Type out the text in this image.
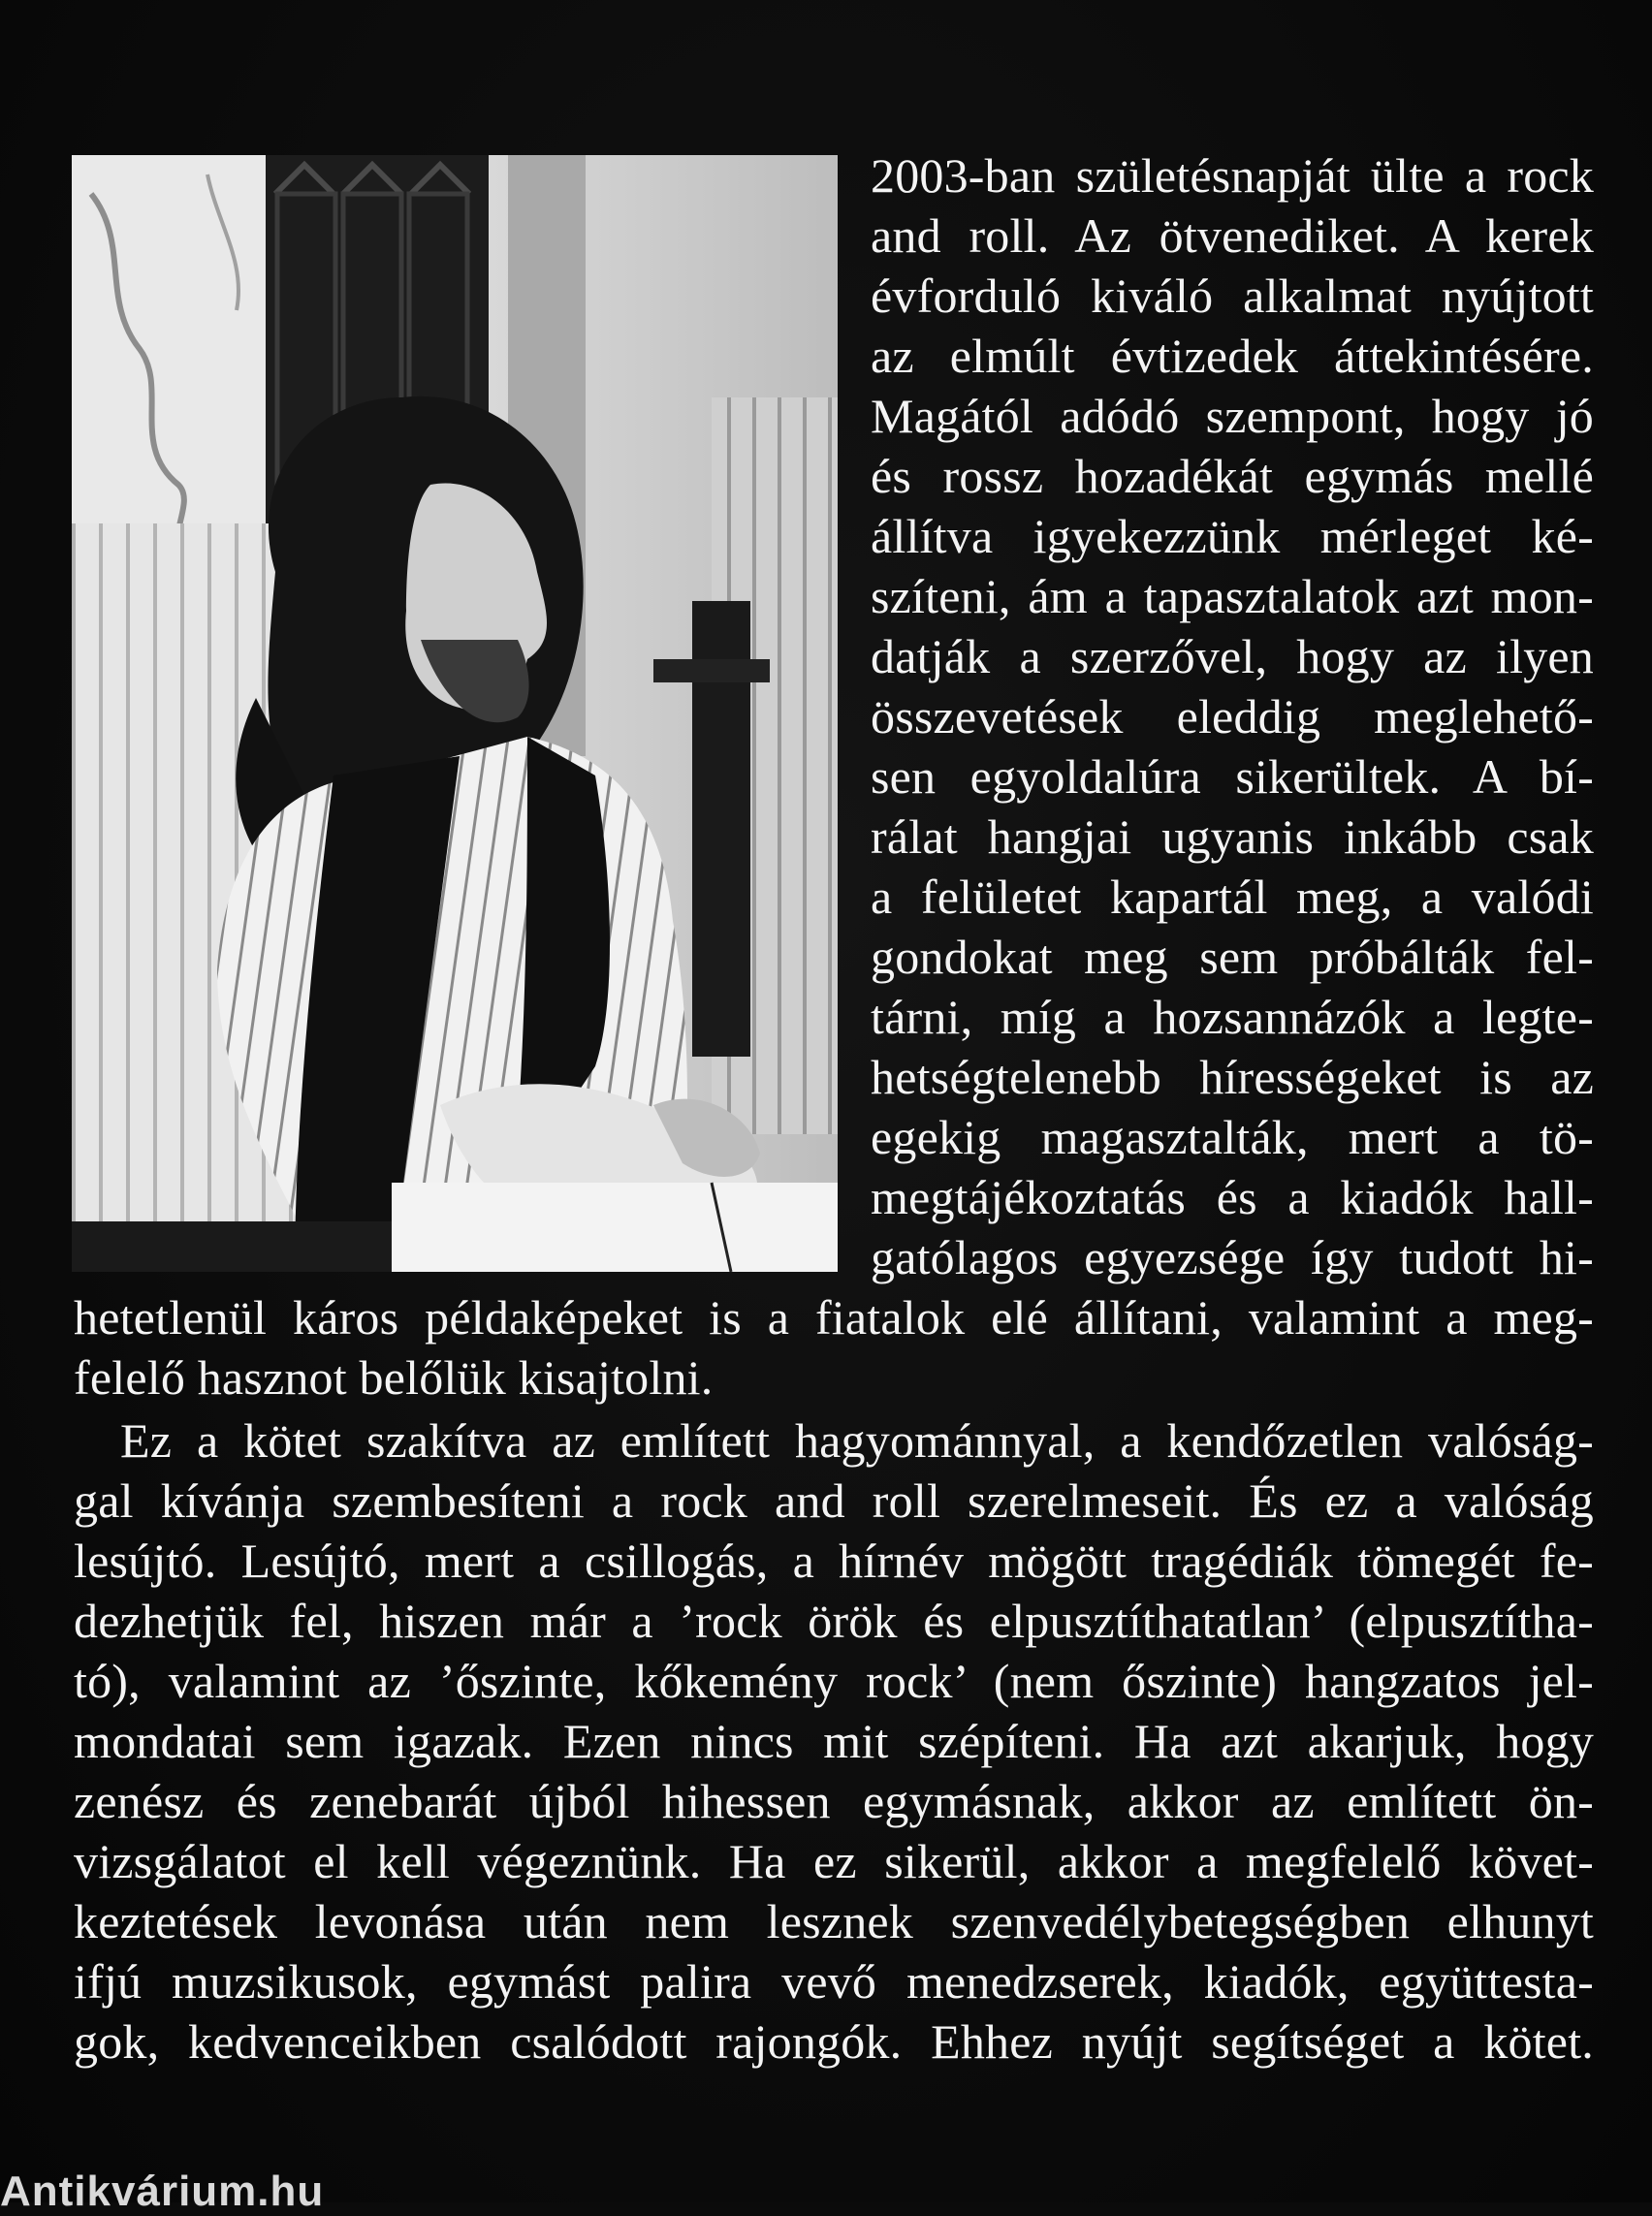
2003-ban születésnapját ülte a rock
and roll. Az ötvenediket. A kerek
évforduló kiváló alkalmat nyújtott
az elmúlt évtizedek áttekintésére.
Magától adódó szempont, hogy jó
és rossz hozadékát egymás mellé
állítva igyekezzünk mérleget ké-
szíteni, ám a tapasztalatok azt mon-
datják a szerzővel, hogy az ilyen
összevetések eleddig meglehető-
sen egyoldalúra sikerültek. A bí-
rálat hangjai ugyanis inkább csak
a felületet kapartál meg, a valódi
gondokat meg sem próbálták fel-
tárni, míg a hozsannázók a legte-
hetségtelenebb hírességeket is az
egekig magasztalták, mert a tö-
megtájékoztatás és a kiadók hall-
gatólagos egyezsége így tudott hi-
hetetlenül káros példaképeket is a fiatalok elé állítani, valamint a meg-
felelő hasznot belőlük kisajtolni.
Ez a kötet szakítva az említett hagyománnyal, a kendőzetlen valóság-
gal kívánja szembesíteni a rock and roll szerelmeseit. És ez a valóság
lesújtó. Lesújtó, mert a csillogás, a hírnév mögött tragédiák tömegét fe-
dezhetjük fel, hiszen már a ’rock örök és elpusztíthatatlan’ (elpusztítha-
tó), valamint az ’őszinte, kőkemény rock’ (nem őszinte) hangzatos jel-
mondatai sem igazak. Ezen nincs mit szépíteni. Ha azt akarjuk, hogy
zenész és zenebarát újból hihessen egymásnak, akkor az említett ön-
vizsgálatot el kell végeznünk. Ha ez sikerül, akkor a megfelelő követ-
keztetések levonása után nem lesznek szenvedélybetegségben elhunyt
ifjú muzsikusok, egymást palira vevő menedzserek, kiadók, együttesta-
gok, kedvenceikben csalódott rajongók. Ehhez nyújt segítséget a kötet.
Antikvárium.hu
